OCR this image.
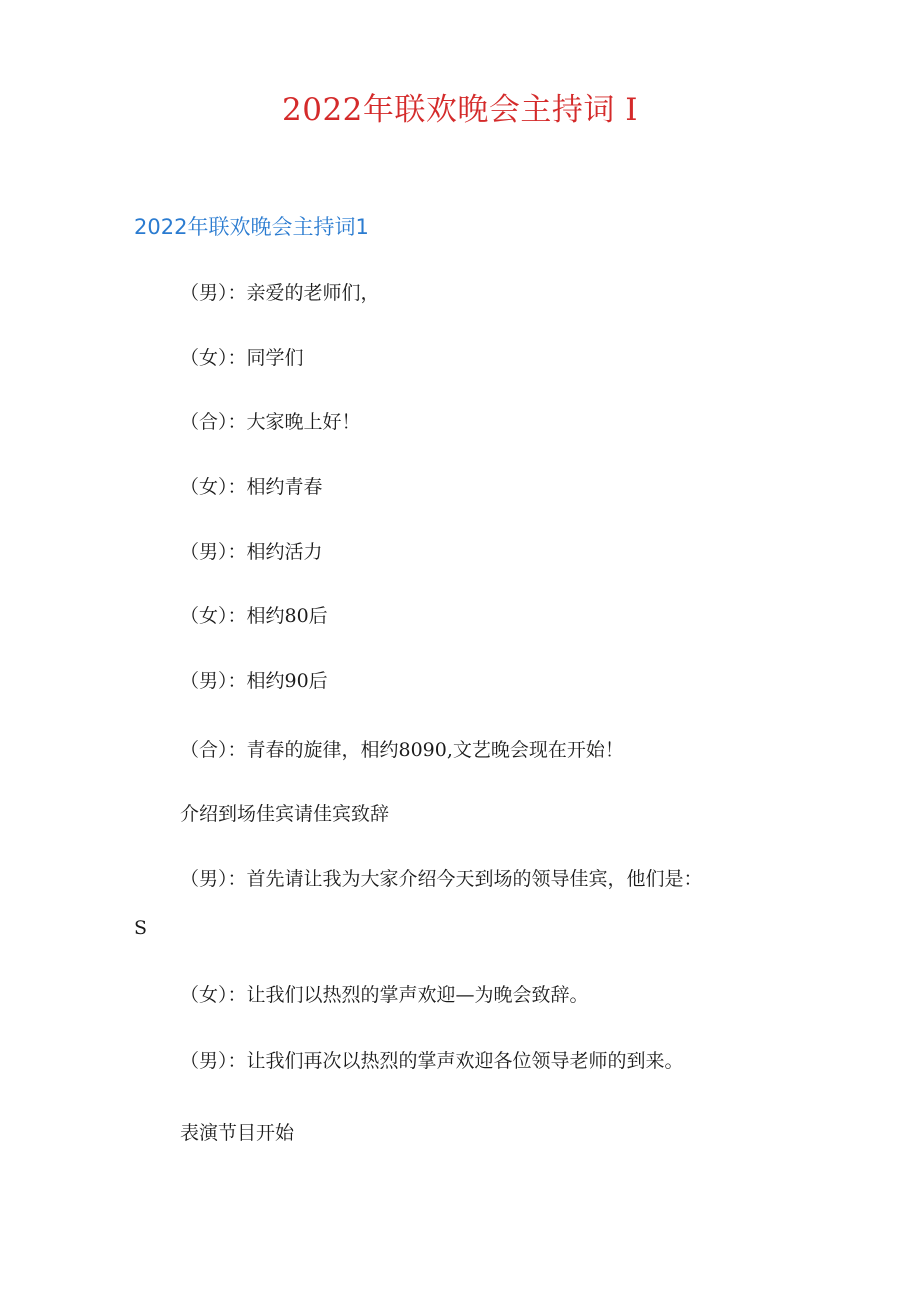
2022年联欢晚会主持词 I
2022年联欢晚会主持词1
（男）：亲爱的老师们，
（女）：同学们
（合）：大家晚上好！
（女）：相约青春
（男）：相约活力
（女）：相约80后
（男）：相约90后
（合）：青春的旋律，相约8090,文艺晚会现在开始！
介绍到场佳宾请佳宾致辞
（男）：首先请让我为大家介绍今天到场的领导佳宾，他们是：
S
（女）：让我们以热烈的掌声欢迎—为晚会致辞。
（男）：让我们再次以热烈的掌声欢迎各位领导老师的到来。
表演节目开始
